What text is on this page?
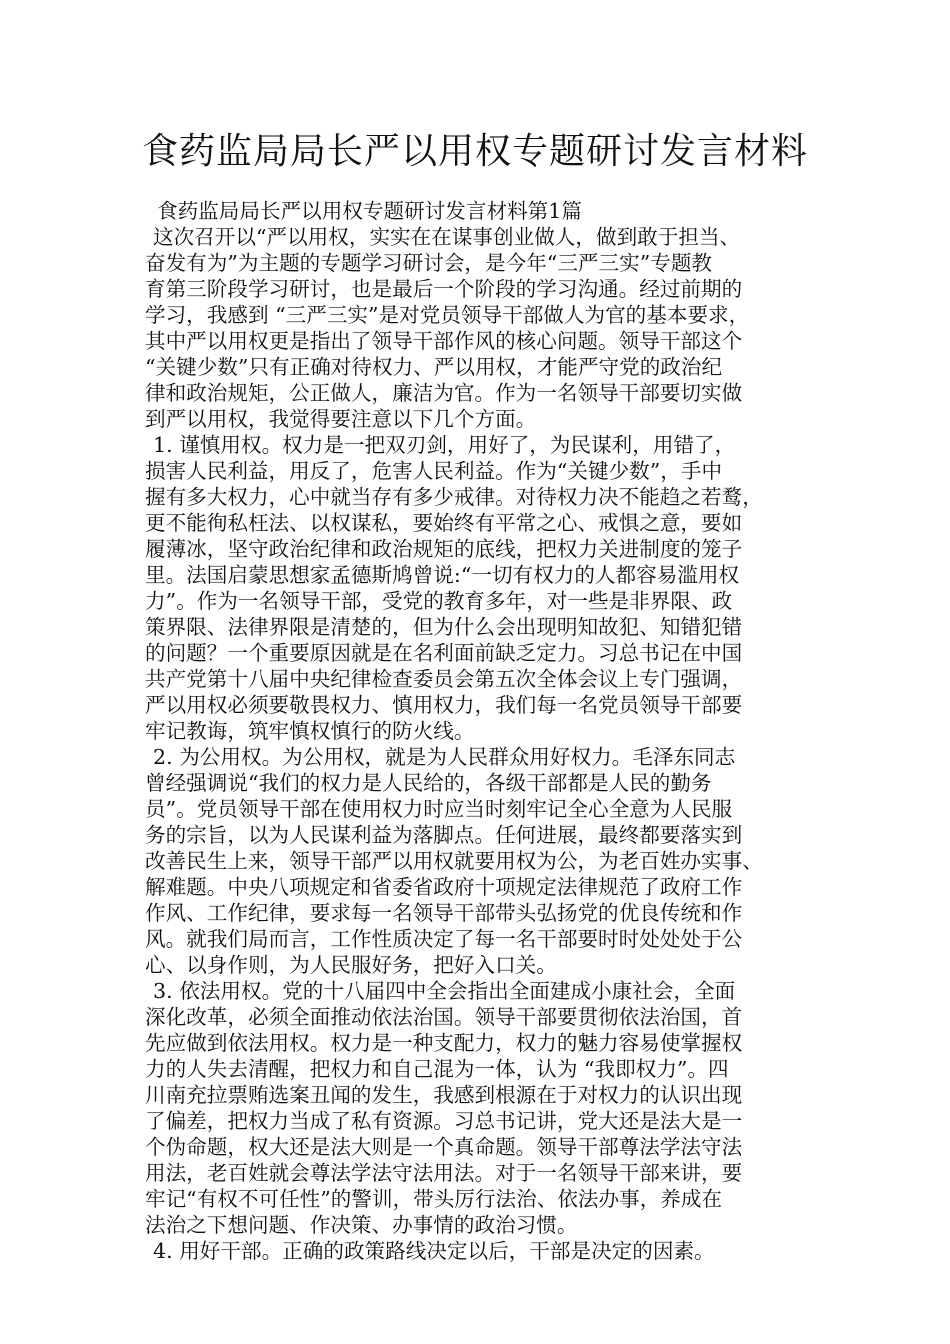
食药监局局长严以用权专题研讨发言材料
食药监局局长严以用权专题研讨发言材料第1篇
这次召开以“严以用权，实实在在谋事创业做人，做到敢于担当、
奋发有为”为主题的专题学习研讨会，是今年“三严三实”专题教
育第三阶段学习研讨，也是最后一个阶段的学习沟通。经过前期的
学习，我感到 “三严三实”是对党员领导干部做人为官的基本要求，
其中严以用权更是指出了领导干部作风的核心问题。领导干部这个
“关键少数”只有正确对待权力、严以用权，才能严守党的政治纪
律和政治规矩，公正做人，廉洁为官。作为一名领导干部要切实做
到严以用权，我觉得要注意以下几个方面。
1. 谨慎用权。权力是一把双刃剑，用好了，为民谋利，用错了，
损害人民利益，用反了，危害人民利益。作为“关键少数”，手中
握有多大权力，心中就当存有多少戒律。对待权力决不能趋之若鹜，
更不能徇私枉法、以权谋私，要始终有平常之心、戒惧之意，要如
履薄冰，坚守政治纪律和政治规矩的底线，把权力关进制度的笼子
里。法国启蒙思想家孟德斯鸠曾说:“一切有权力的人都容易滥用权
力”。作为一名领导干部，受党的教育多年，对一些是非界限、政
策界限、法律界限是清楚的，但为什么会出现明知故犯、知错犯错
的问题？一个重要原因就是在名利面前缺乏定力。习总书记在中国
共产党第十八届中央纪律检查委员会第五次全体会议上专门强调，
严以用权必须要敬畏权力、慎用权力，我们每一名党员领导干部要
牢记教诲，筑牢慎权慎行的防火线。
2. 为公用权。为公用权，就是为人民群众用好权力。毛泽东同志
曾经强调说“我们的权力是人民给的，各级干部都是人民的勤务
员”。党员领导干部在使用权力时应当时刻牢记全心全意为人民服
务的宗旨，以为人民谋利益为落脚点。任何进展，最终都要落实到
改善民生上来，领导干部严以用权就要用权为公，为老百姓办实事、
解难题。中央八项规定和省委省政府十项规定法律规范了政府工作
作风、工作纪律，要求每一名领导干部带头弘扬党的优良传统和作
风。就我们局而言，工作性质决定了每一名干部要时时处处处于公
心、以身作则，为人民服好务，把好入口关。
3. 依法用权。党的十八届四中全会指出全面建成小康社会，全面
深化改革，必须全面推动依法治国。领导干部要贯彻依法治国，首
先应做到依法用权。权力是一种支配力，权力的魅力容易使掌握权
力的人失去清醒，把权力和自己混为一体，认为 “我即权力”。四
川南充拉票贿选案丑闻的发生，我感到根源在于对权力的认识出现
了偏差，把权力当成了私有资源。习总书记讲，党大还是法大是一
个伪命题，权大还是法大则是一个真命题。领导干部尊法学法守法
用法，老百姓就会尊法学法守法用法。对于一名领导干部来讲，要
牢记“有权不可任性”的警训，带头厉行法治、依法办事，养成在
法治之下想问题、作决策、办事情的政治习惯。
4. 用好干部。正确的政策路线决定以后，干部是决定的因素。
